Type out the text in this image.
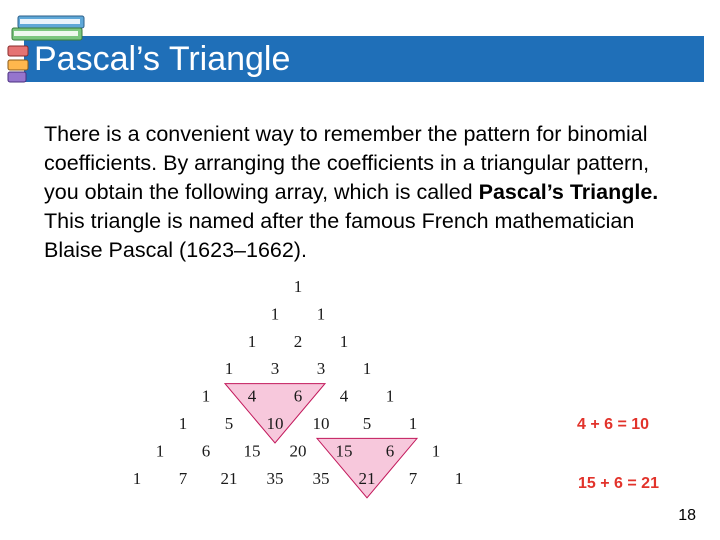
Pascal’s Triangle
There is a convenient way to remember the pattern for binomial coefficients. By arranging the coefficients in a triangular pattern, you obtain the following array, which is called Pascal’s Triangle. This triangle is named after the famous French mathematician Blaise Pascal (1623–1662).
1
1 1
1 2 1
1 3 3 1
1 4 6 4 1
1 5 10 10 5 1
1 6 15 20 15 6 1
1 7 21 35 35 21 7 1
4 + 6 = 10
15 + 6 = 21
18
